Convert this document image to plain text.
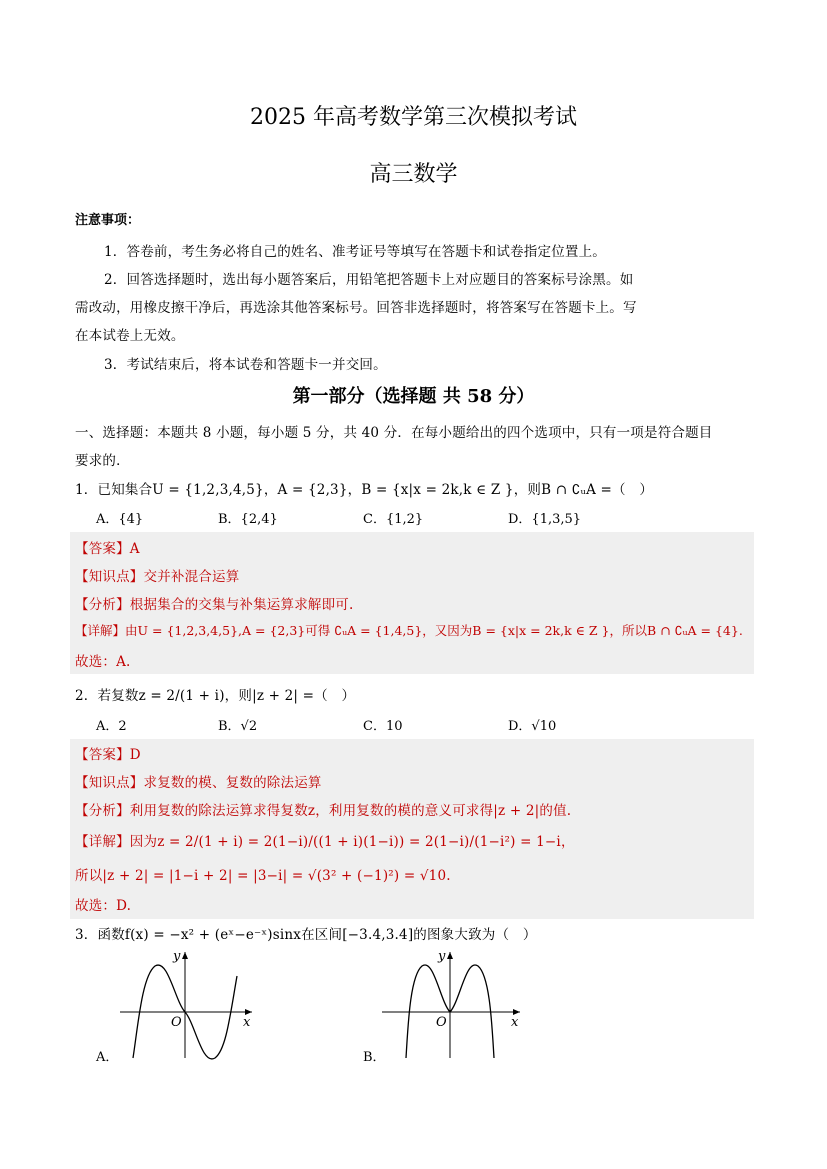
2025 年高考数学第三次模拟考试
高三数学
注意事项：
1．答卷前，考生务必将自己的姓名、准考证号等填写在答题卡和试卷指定位置上。
2．回答选择题时，选出每小题答案后，用铅笔把答题卡上对应题目的答案标号涂黑。如
需改动，用橡皮擦干净后，再选涂其他答案标号。回答非选择题时，将答案写在答题卡上。写
在本试卷上无效。
3．考试结束后，将本试卷和答题卡一并交回。
第一部分（选择题 共 58 分）
一、选择题：本题共 8 小题，每小题 5 分，共 40 分．在每小题给出的四个选项中，只有一项是符合题目
要求的．
1．已知集合U = {1,2,3,4,5}，A = {2,3}，B = {x|x = 2k,k ∈ Z }，则B ∩ ∁ᵤA =（　）
A．{4}	B．{2,4}	C．{1,2}	D．{1,3,5}
【答案】A
【知识点】交并补混合运算
【分析】根据集合的交集与补集运算求解即可.
【详解】由U = {1,2,3,4,5},A = {2,3}可得 ∁ᵤA = {1,4,5}，又因为B = {x|x = 2k,k ∈ Z }，所以B ∩ ∁ᵤA = {4}.
故选：A.
2．若复数z = 2/(1 + i)，则|z + 2| =（　）
A．2	B．√2	C．10	D．√10
【答案】D
【知识点】求复数的模、复数的除法运算
【分析】利用复数的除法运算求得复数z，利用复数的模的意义可求得|z + 2|的值.
【详解】因为z = 2/(1 + i) = 2(1−i)/((1 + i)(1−i)) = 2(1−i)/(1−i²) = 1−i，
所以|z + 2| = |1−i + 2| = |3−i| = √(3² + (−1)²) = √10.
故选：D.
3．函数f(x) = −x² + (eˣ−e⁻ˣ)sinx在区间[−3.4,3.4]的图象大致为（　）
y
x
O
A．
y
x
O
B．
